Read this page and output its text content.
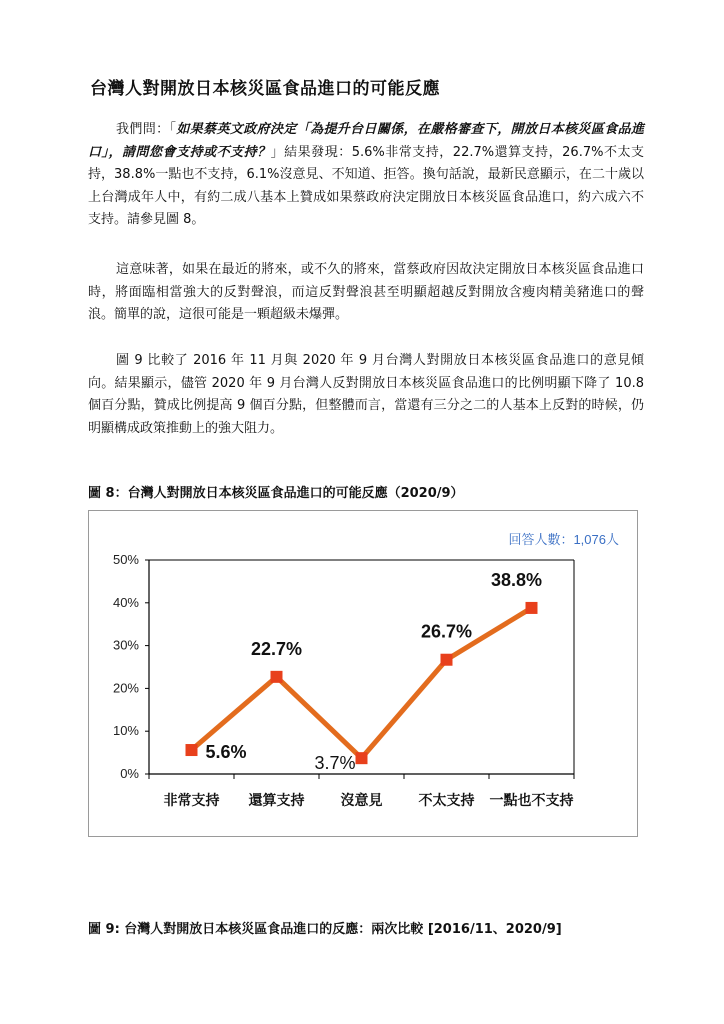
台灣人對開放日本核災區食品進口的可能反應

我們問：「如果蔡英文政府決定「為提升台日關係，在嚴格審查下，開放日本核災區食品進口」，請問您會支持或不支持？」結果發現：5.6%非常支持，22.7%還算支持，26.7%不太支持，38.8%一點也不支持，6.1%沒意見、不知道、拒答。換句話說，最新民意顯示，在二十歲以上台灣成年人中，有約二成八基本上贊成如果蔡政府決定開放日本核災區食品進口，約六成六不支持。請參見圖 8。

這意味著，如果在最近的將來，或不久的將來，當蔡政府因故決定開放日本核災區食品進口時，將面臨相當強大的反對聲浪，而這反對聲浪甚至明顯超越反對開放含瘦肉精美豬進口的聲浪。簡單的說，這很可能是一顆超級未爆彈。

圖 9 比較了 2016 年 11 月與 2020 年 9 月台灣人對開放日本核災區食品進口的意見傾向。結果顯示，儘管 2020 年 9 月台灣人反對開放日本核災區食品進口的比例明顯下降了 10.8 個百分點，贊成比例提高 9 個百分點，但整體而言，當還有三分之二的人基本上反對的時候，仍明顯構成政策推動上的強大阻力。

圖 8：台灣人對開放日本核災區食品進口的可能反應（2020/9）
回答人數：1,076人
0%
10%
20%
30%
40%
50%
非常支持 還算支持	沒意見	不太支持 一點也不支持
5.6%
22.7%
3.7%
26.7%
38.8%
圖 9: 台灣人對開放日本核災區食品進口的反應：兩次比較 [2016/11、2020/9]
